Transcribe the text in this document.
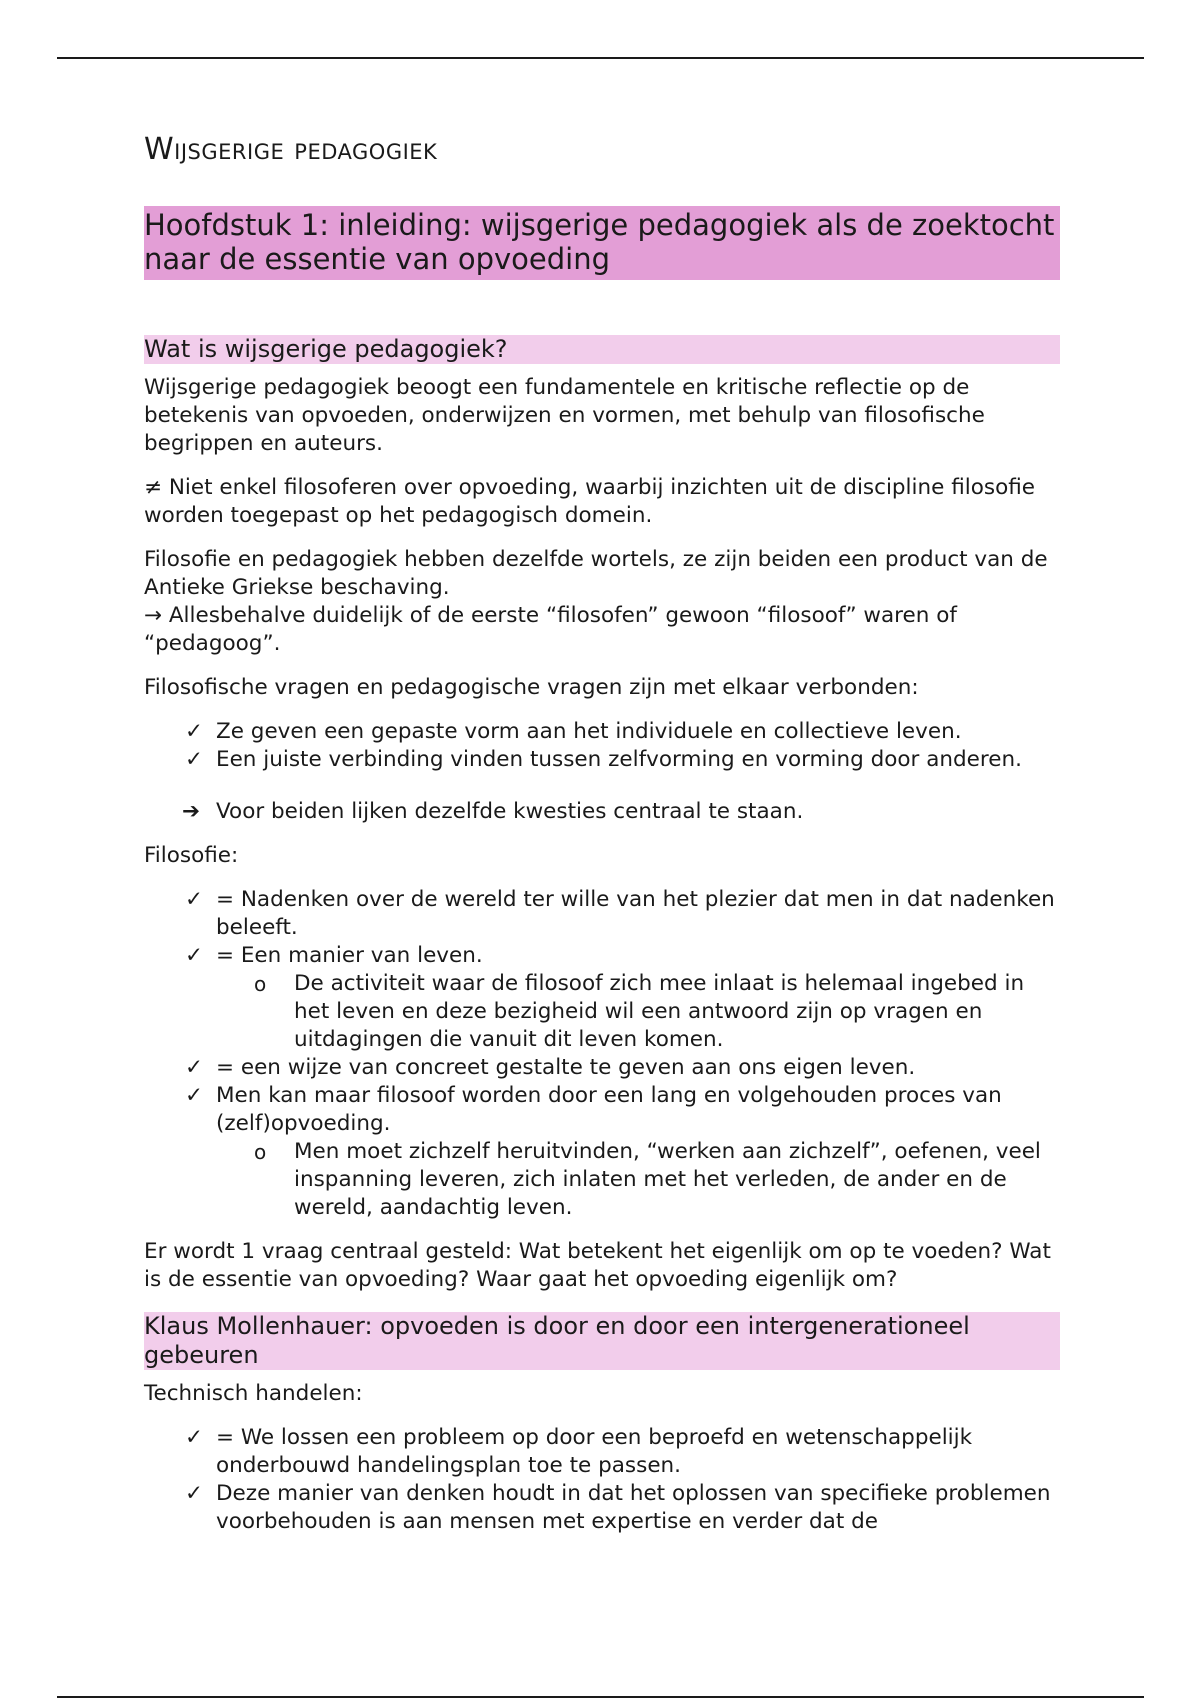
Wijsgerige pedagogiek
Hoofdstuk 1: inleiding: wijsgerige pedagogiek als de zoektocht naar de essentie van opvoeding
Wat is wijsgerige pedagogiek?

Wijsgerige pedagogiek beoogt een fundamentele en kritische reflectie op de betekenis van opvoeden, onderwijzen en vormen, met behulp van filosofische begrippen en auteurs.

≠ Niet enkel filosoferen over opvoeding, waarbij inzichten uit de discipline filosofie worden toegepast op het pedagogisch domein.

Filosofie en pedagogiek hebben dezelfde wortels, ze zijn beiden een product van de Antieke Griekse beschaving.

→ Allesbehalve duidelijk of de eerste “filosofen” gewoon “filosoof” waren of “pedagoog”.

Filosofische vragen en pedagogische vragen zijn met elkaar verbonden:

✓ Ze geven een gepaste vorm aan het individuele en collectieve leven.
✓ Een juiste verbinding vinden tussen zelfvorming en vorming door anderen.
➔ Voor beiden lijken dezelfde kwesties centraal te staan.

Filosofie:

✓ = Nadenken over de wereld ter wille van het plezier dat men in dat nadenken beleeft.
✓ = Een manier van leven.
o De activiteit waar de filosoof zich mee inlaat is helemaal ingebed in het leven en deze bezigheid wil een antwoord zijn op vragen en uitdagingen die vanuit dit leven komen.
✓ = een wijze van concreet gestalte te geven aan ons eigen leven.
✓ Men kan maar filosoof worden door een lang en volgehouden proces van (zelf)opvoeding.
o Men moet zichzelf heruitvinden, “werken aan zichzelf”, oefenen, veel inspanning leveren, zich inlaten met het verleden, de ander en de wereld, aandachtig leven.

Er wordt 1 vraag centraal gesteld: Wat betekent het eigenlijk om op te voeden? Wat is de essentie van opvoeding? Waar gaat het opvoeding eigenlijk om?

Klaus Mollenhauer: opvoeden is door en door een intergenerationeel gebeuren

Technisch handelen:

✓ = We lossen een probleem op door een beproefd en wetenschappelijk onderbouwd handelingsplan toe te passen.
✓ Deze manier van denken houdt in dat het oplossen van specifieke problemen voorbehouden is aan mensen met expertise en verder dat de
